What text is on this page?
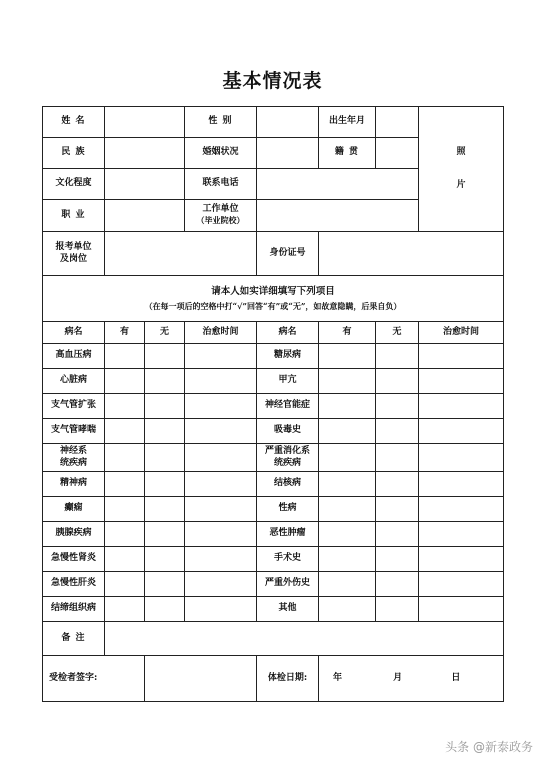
基本情况表
姓 名			性 别		出生年月		照

片
民 族			婚姻状况		籍 贯		
文化程度			联系电话				
职 业			工作单位
（毕业院校）				
报考单位
及岗位				身份证号			
请本人如实详细填写下列项目
（在每一项后的空格中打“√”回答“有”或“无”，如故意隐瞒，后果自负）							

病名	有	无	治愈时间	病名	有	无	治愈时间
高血压病				糖尿病			
心脏病				甲亢			
支气管扩张				神经官能症			
支气管哮喘				吸毒史			
神经系
统疾病				严重消化系
统疾病			
精神病				结核病			
癫痫				性病			
胰腺疾病				恶性肿瘤			
急慢性肾炎				手术史			
急慢性肝炎				严重外伤史			
结缔组织病				其他			
备 注							
受检者签字:				体检日期:	年 月 日		
头条 @新泰政务
